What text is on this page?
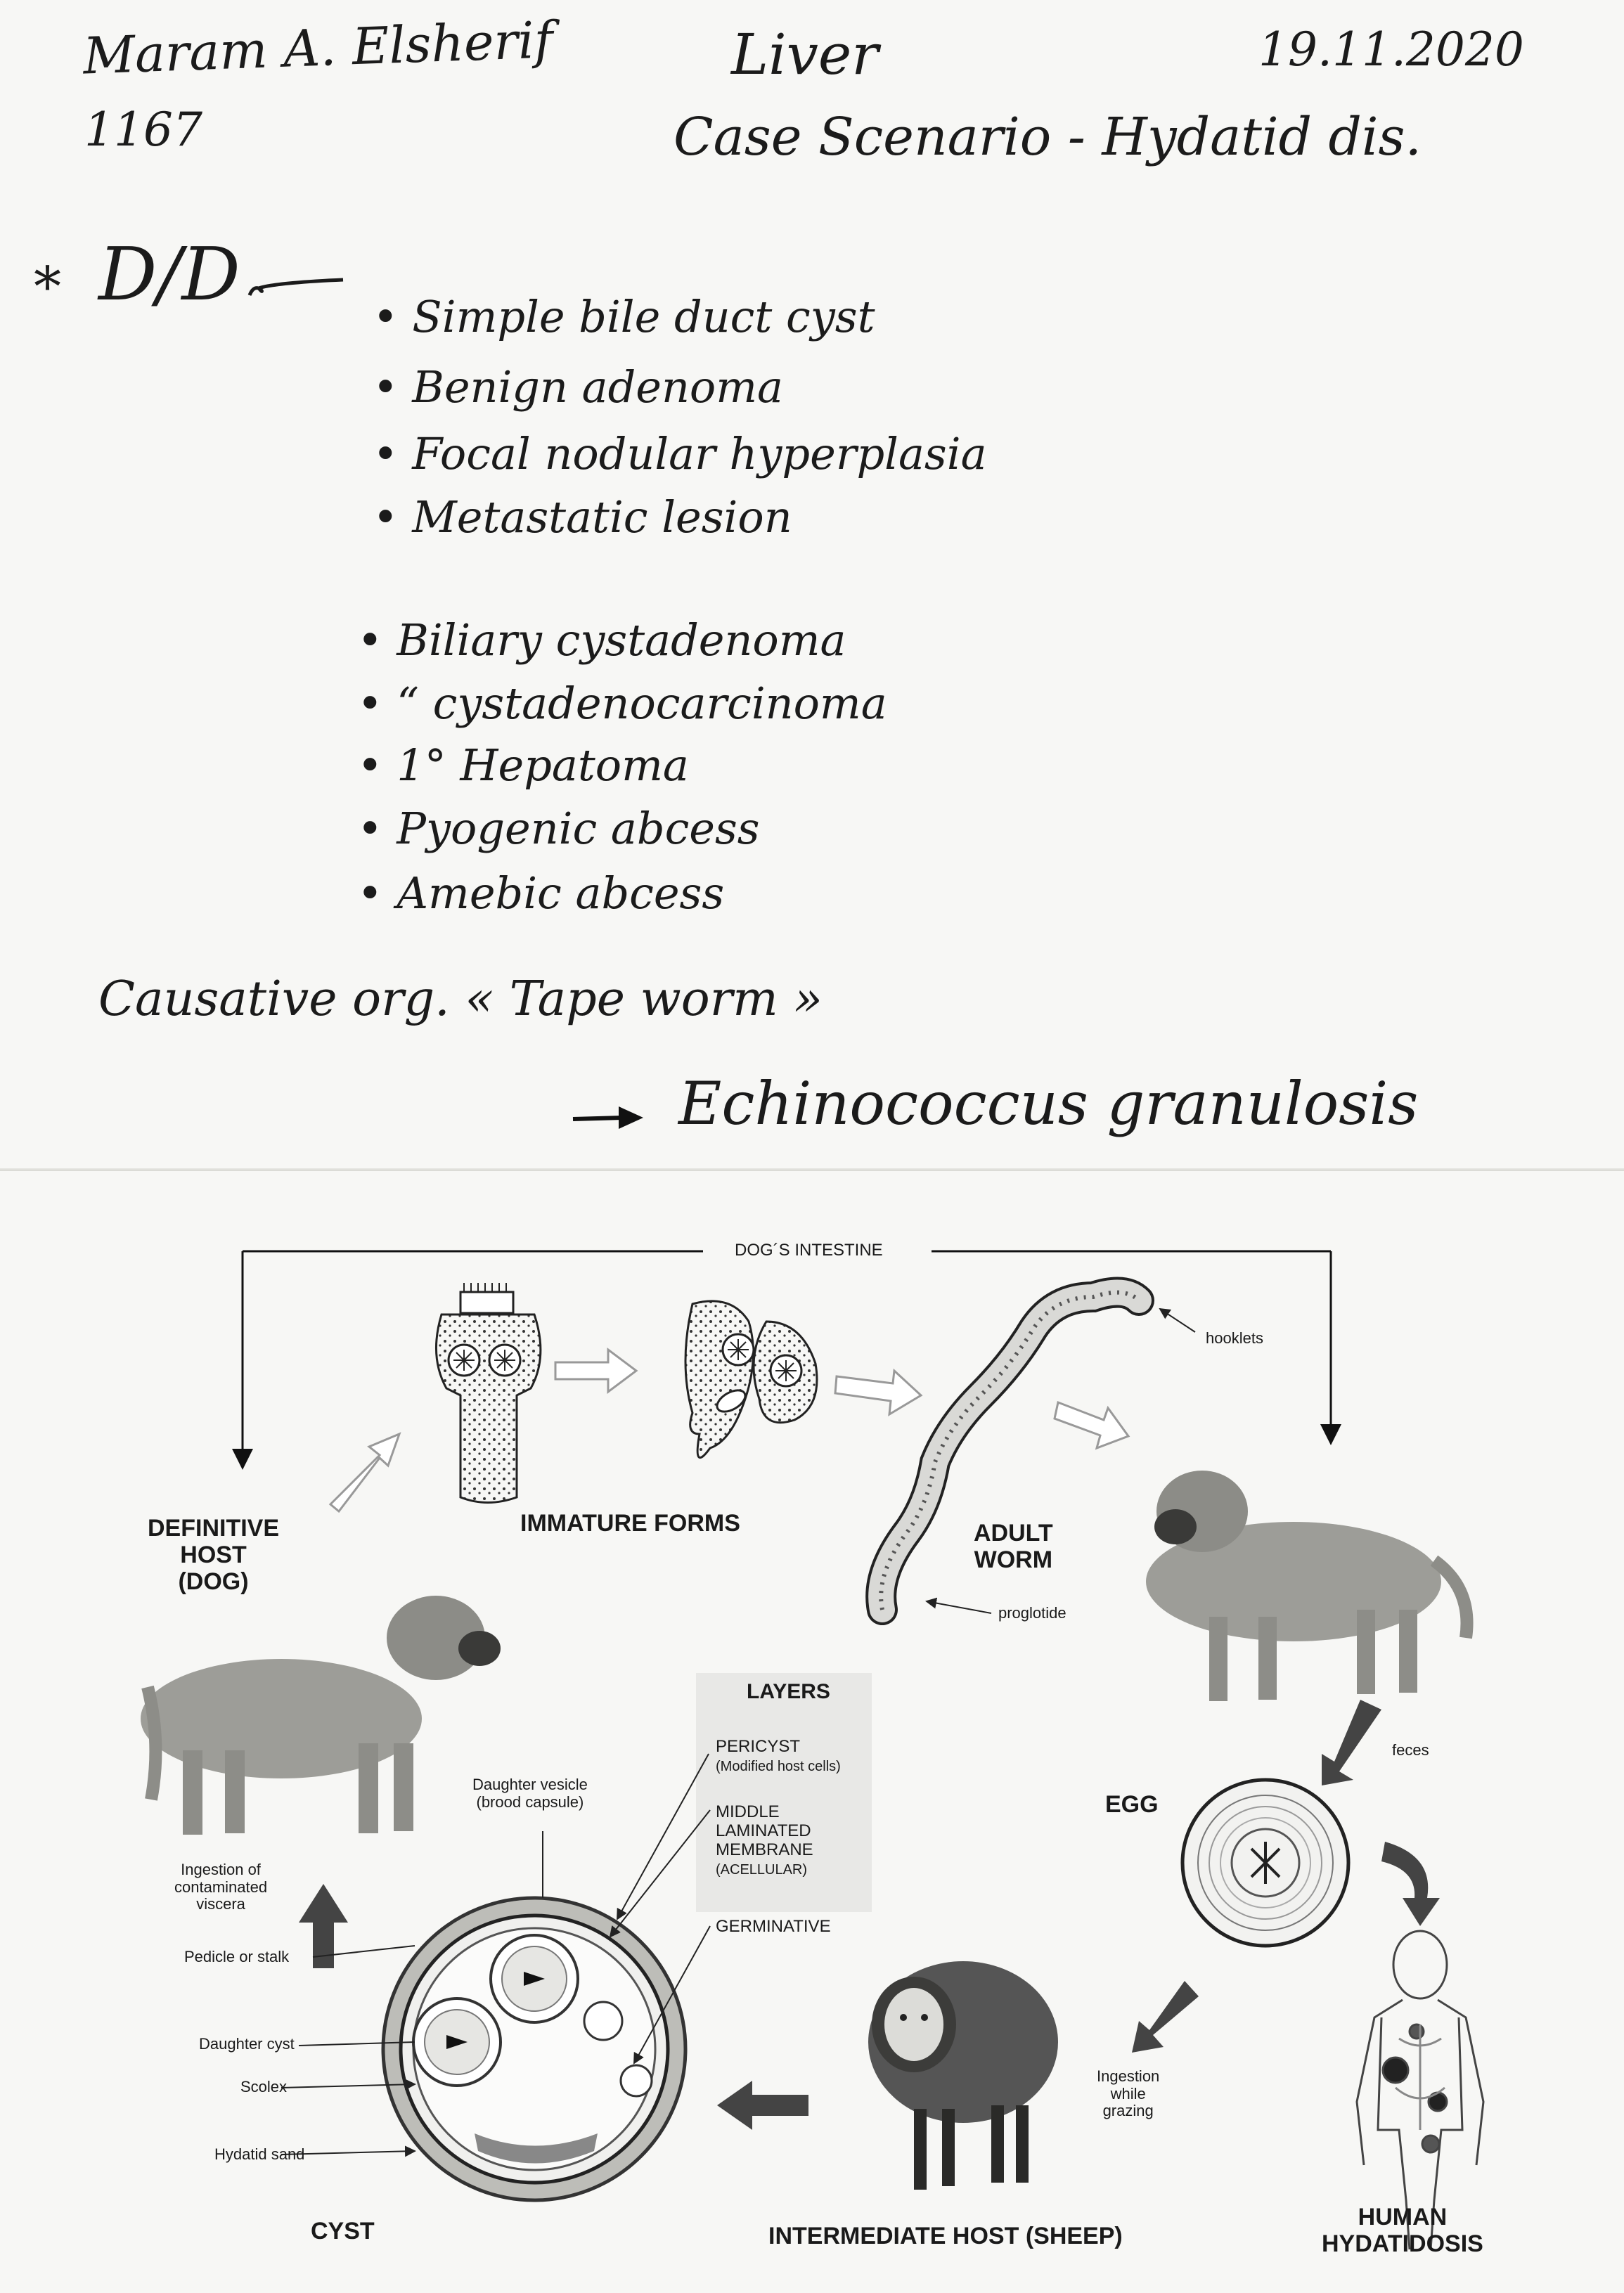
Maram A. Elsherif
1167
Liver
Case Scenario - Hydatid dis.
19.11.2020
* D/D	• Simple bile duct cyst
• Benign adenoma
• Focal nodular hyperplasia
• Metastatic lesion
• Biliary cystadenoma
• “ cystadenocarcinoma
• 1° Hepatoma
• Pyogenic abcess
• Amebic abcess
Causative org. « Tape worm »
Echinococcus granulosis
DOG´S INTESTINE
IMMATURE FORMS
hooklets
ADULT
WORM
proglotide
DEFINITIVE
HOST
(DOG)
feces
EGG
LAYERS
PERICYST
(Modified host cells)
MIDDLE
LAMINATED
MEMBRANE
(ACELLULAR)
GERMINATIVE
Daughter vesicle
(brood capsule)
Ingestion of
contaminated
viscera
Pedicle or stalk
Daughter cyst
Scolex
Hydatid sand
CYST	INTERMEDIATE HOST (SHEEP)
Ingestion
while
grazing
HUMAN
HYDATIDOSIS
